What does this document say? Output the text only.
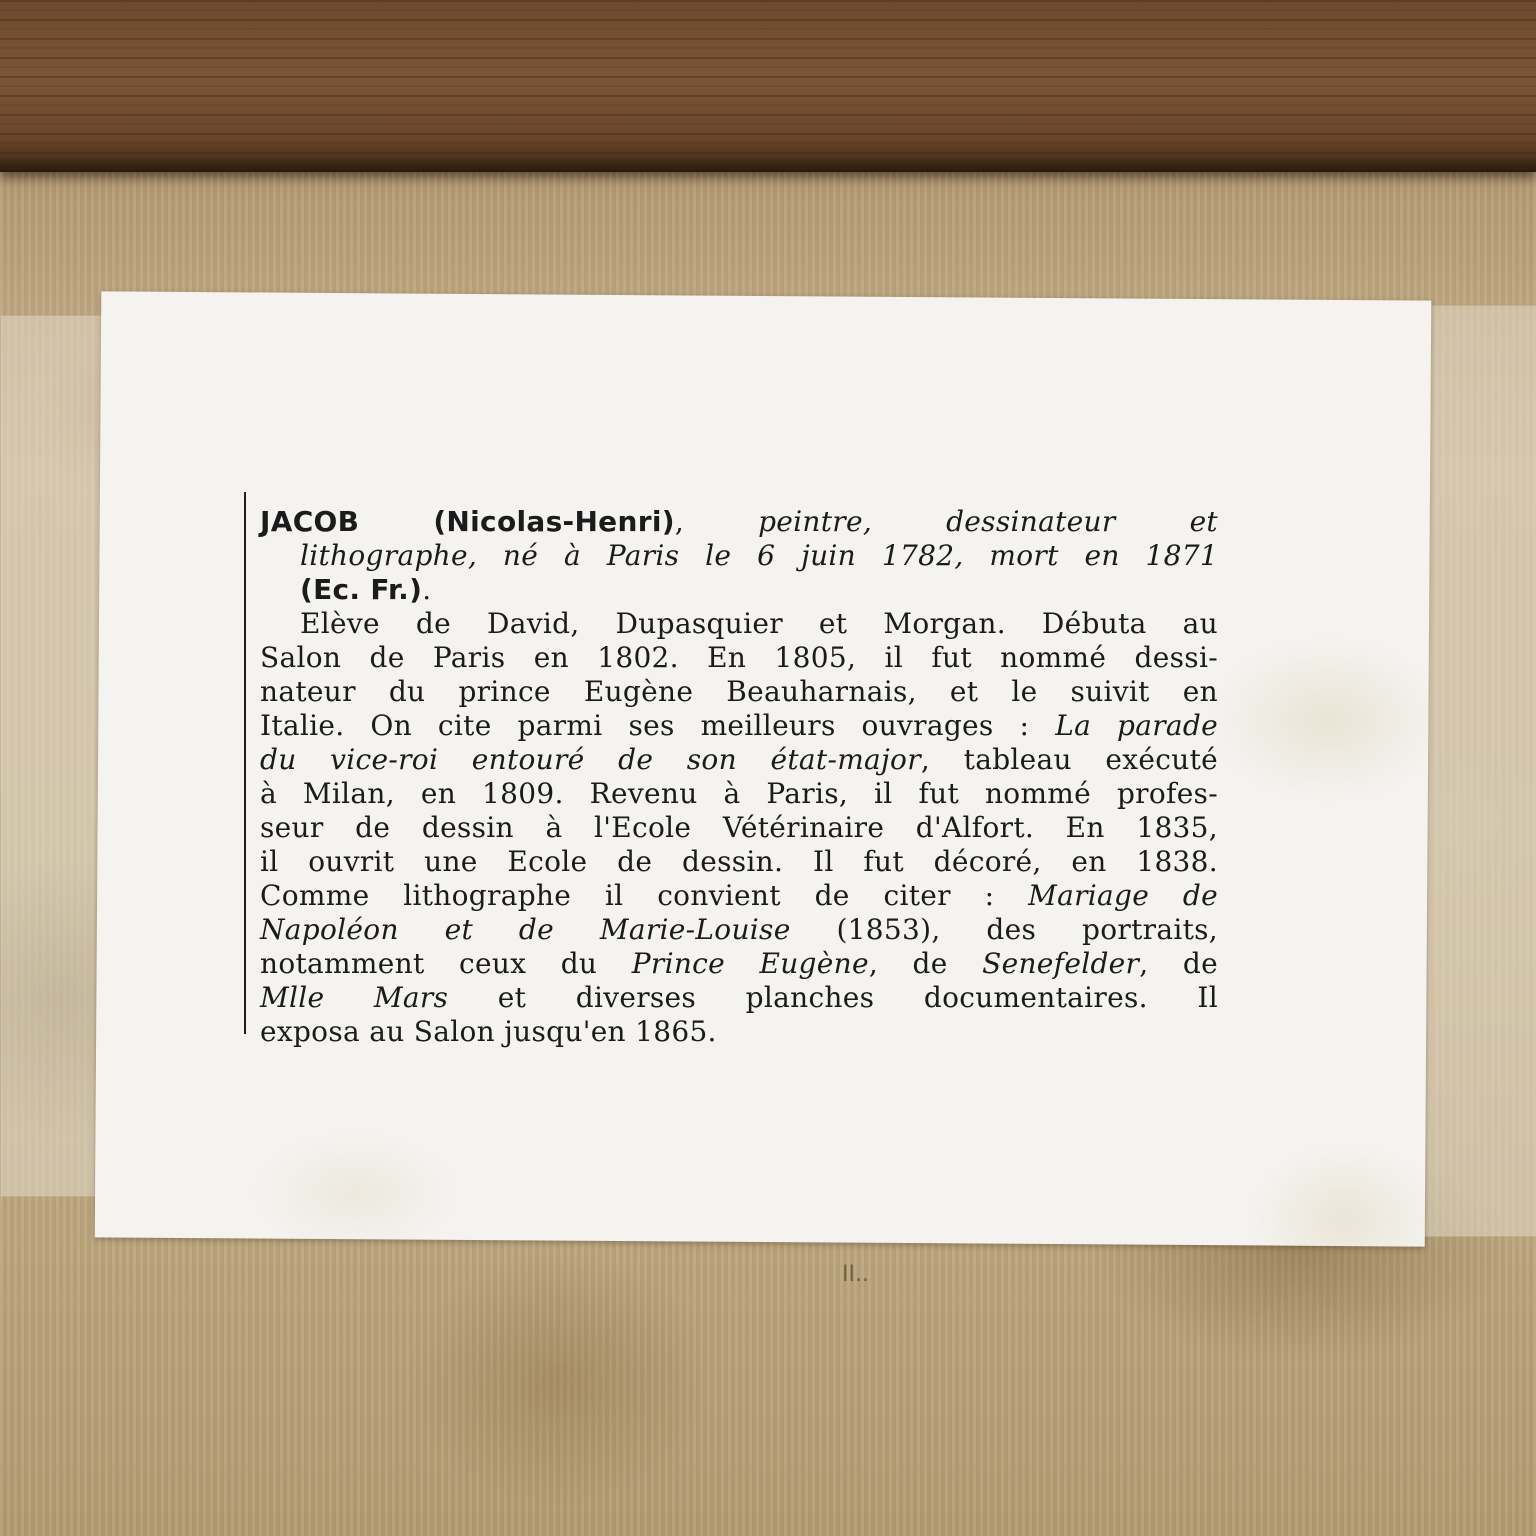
II..
JACOB	(Nicolas-Henri), peintre, dessinateur et
lithographe, né à Paris le 6 juin 1782, mort en 1871
(Ec. Fr.).
Elève de David, Dupasquier et Morgan. Débuta au
Salon de Paris en 1802. En 1805, il fut nommé dessi-
nateur du prince Eugène Beauharnais, et le suivit en
Italie. On cite parmi ses meilleurs ouvrages : La parade
du vice-roi entouré de son état-major, tableau exécuté
à Milan, en 1809. Revenu à Paris, il fut nommé profes-
seur de dessin à l'Ecole Vétérinaire d'Alfort. En 1835,
il ouvrit une Ecole de dessin. Il fut décoré, en 1838.
Comme lithographe il convient de citer : Mariage de
Napoléon et de Marie-Louise (1853), des portraits,
notamment ceux du Prince Eugène, de Senefelder, de
Mlle Mars et diverses planches documentaires. Il
exposa au Salon jusqu'en 1865.
